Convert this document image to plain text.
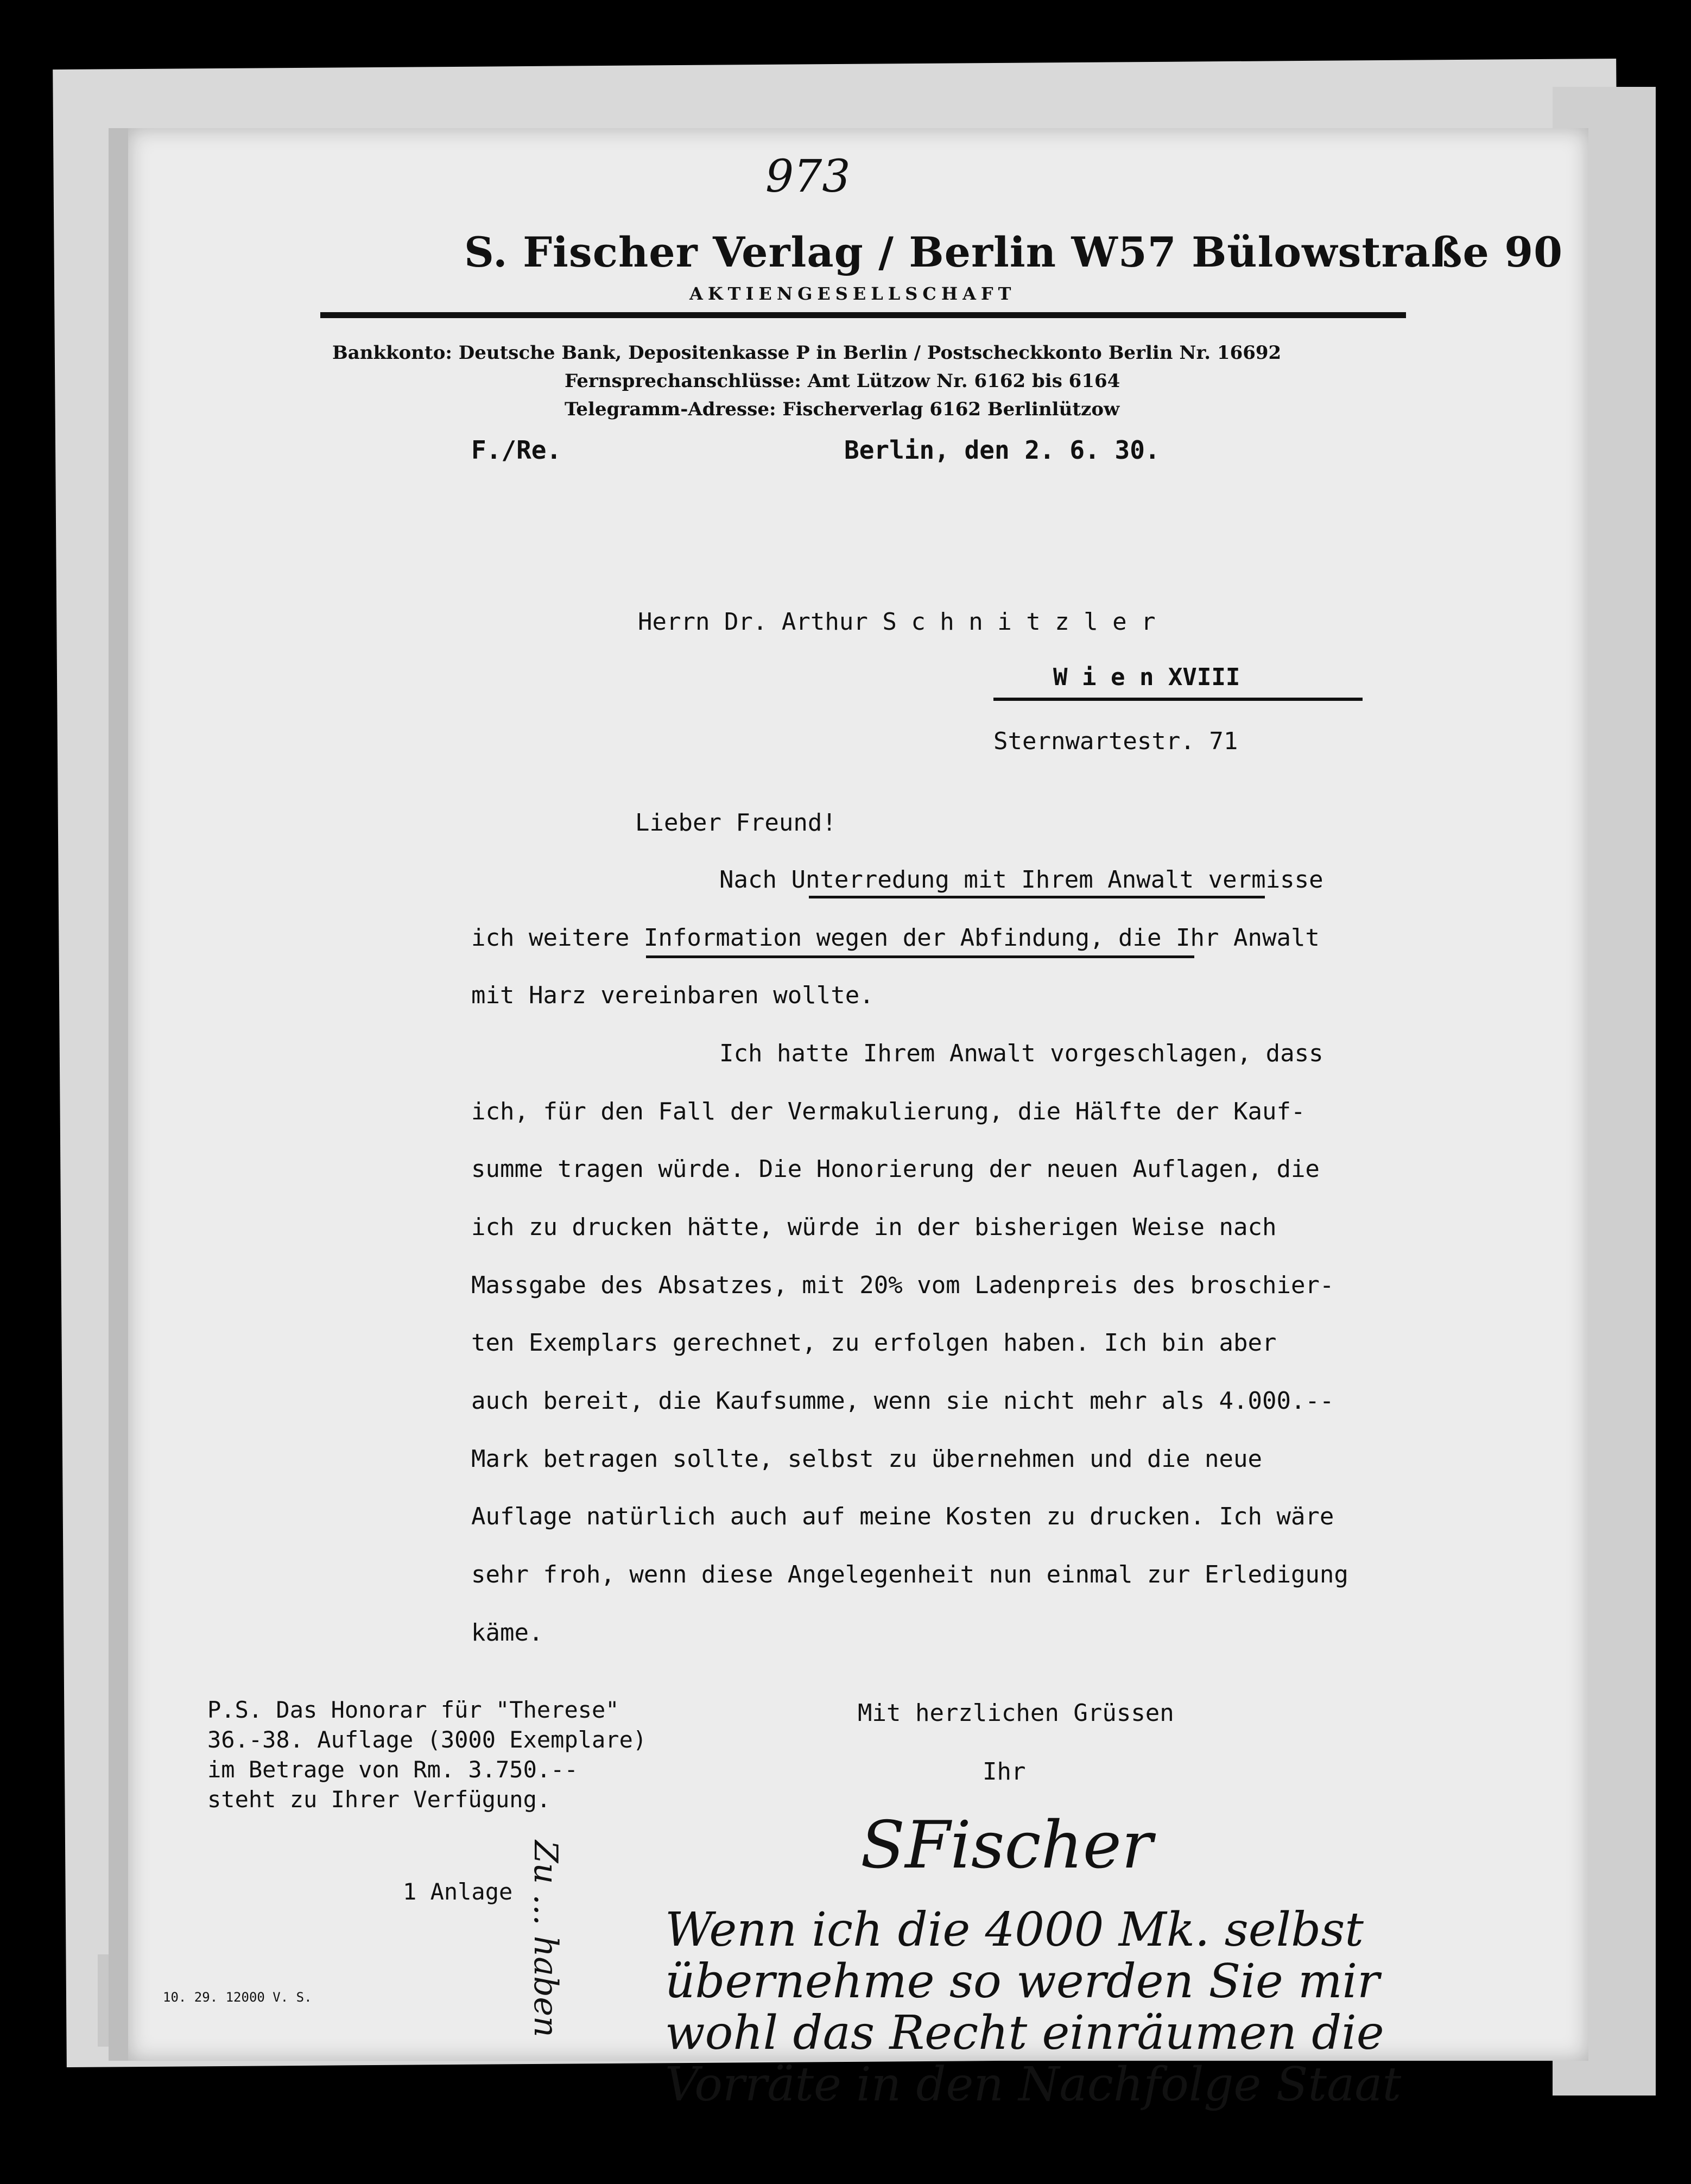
973
S. Fischer Verlag / Berlin W57 Bülowstraße 90
AKTIENGESELLSCHAFT
Bankkonto: Deutsche Bank, Depositenkasse P in Berlin / Postscheckkonto Berlin Nr. 16692
Fernsprechanschlüsse: Amt Lützow Nr. 6162 bis 6164
Telegramm-Adresse: Fischerverlag 6162 Berlinlützow
F./Re.	Berlin, den 2. 6. 30.
Herrn Dr. Arthur S c h n i t z l e r
W i e n XVIII
Sternwartestr. 71
Lieber Freund!
Nach Unterredung mit Ihrem Anwalt vermisse
ich weitere Information wegen der Abfindung, die Ihr Anwalt
mit Harz vereinbaren wollte.
Ich hatte Ihrem Anwalt vorgeschlagen, dass
ich, für den Fall der Vermakulierung, die Hälfte der Kauf-
summe tragen würde. Die Honorierung der neuen Auflagen, die
ich zu drucken hätte, würde in der bisherigen Weise nach
Massgabe des Absatzes, mit 20% vom Ladenpreis des broschier-
ten Exemplars gerechnet, zu erfolgen haben. Ich bin aber
auch bereit, die Kaufsumme, wenn sie nicht mehr als 4.000.--
Mark betragen sollte, selbst zu übernehmen und die neue
Auflage natürlich auch auf meine Kosten zu drucken. Ich wäre
sehr froh, wenn diese Angelegenheit nun einmal zur Erledigung
käme.
P.S. Das Honorar für "Therese"
36.-38. Auflage (3000 Exemplare)
im Betrage von Rm. 3.750.--
steht zu Ihrer Verfügung.
Mit herzlichen Grüssen
Ihr
SFischer
1 Anlage
10. 29. 12000 V. S.	Zu ... haben Wenn ich die 4000 Mk. selbst
übernehme so werden Sie mir
wohl das Recht einräumen die
Vorräte in den Nachfolge Staat
